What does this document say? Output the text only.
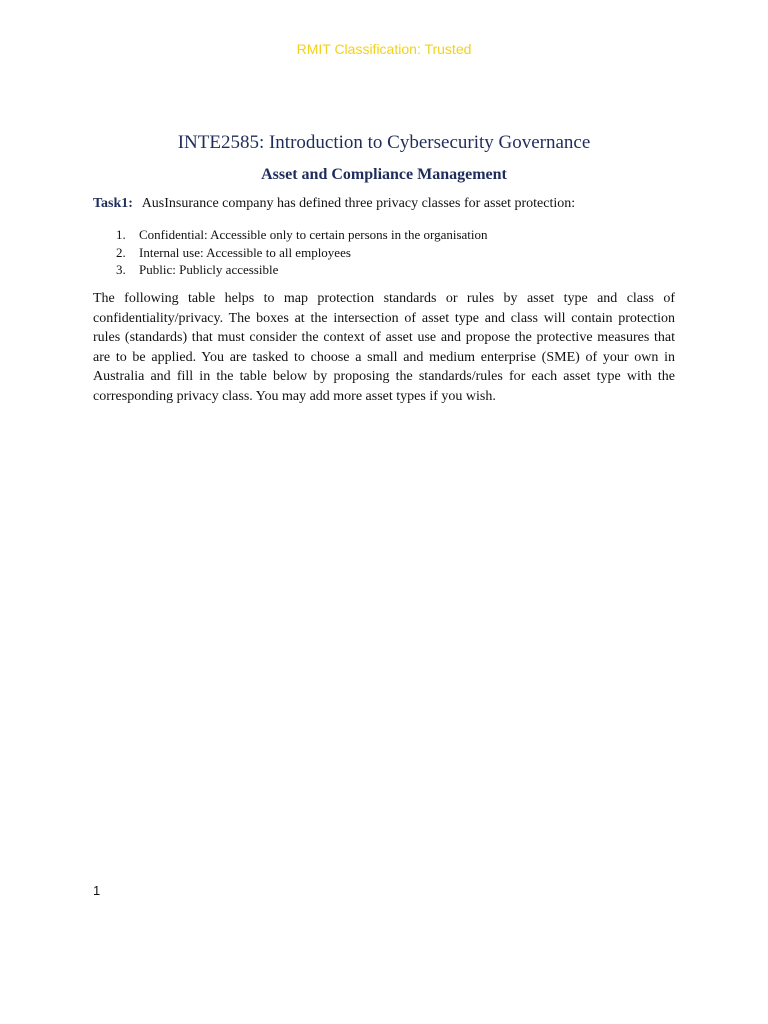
RMIT Classification: Trusted
INTE2585: Introduction to Cybersecurity Governance
Asset and Compliance Management
Task1: AusInsurance company has defined three privacy classes for asset protection:
1.	Confidential: Accessible only to certain persons in the organisation
2.	Internal use: Accessible to all employees
3.	Public: Publicly accessible

The following table helps to map protection standards or rules by asset type and class of confidentiality/privacy. The boxes at the intersection of asset type and class will contain protection rules (standards) that must consider the context of asset use and propose the protective measures that are to be applied. You are tasked to choose a small and medium enterprise (SME) of your own in Australia and fill in the table below by proposing the standards/rules for each asset type with the corresponding privacy class. You may add more asset types if you wish.

1
